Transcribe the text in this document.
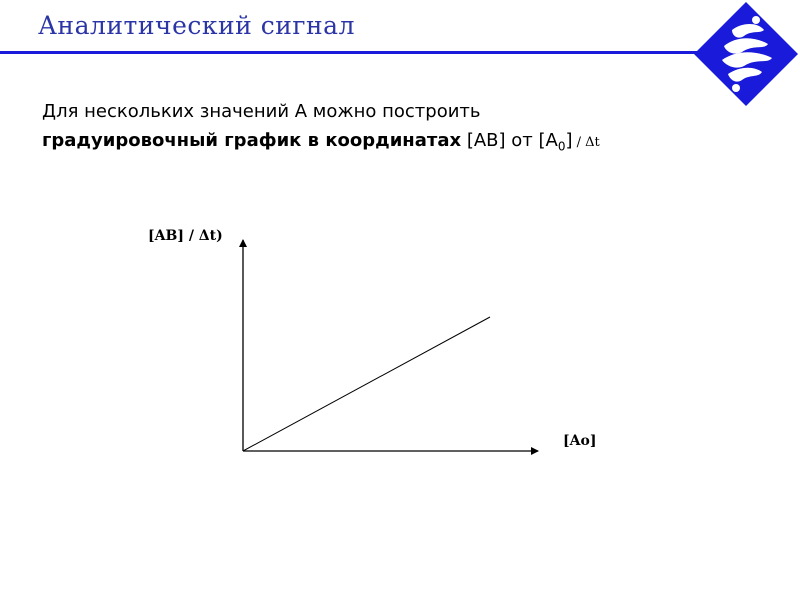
Аналитический сигнал
Для нескольких значений А можно построить
градуировочный график в координатах [АВ] от $[А_0]$ / Δt
[AB] / Δt)
[Ao]
